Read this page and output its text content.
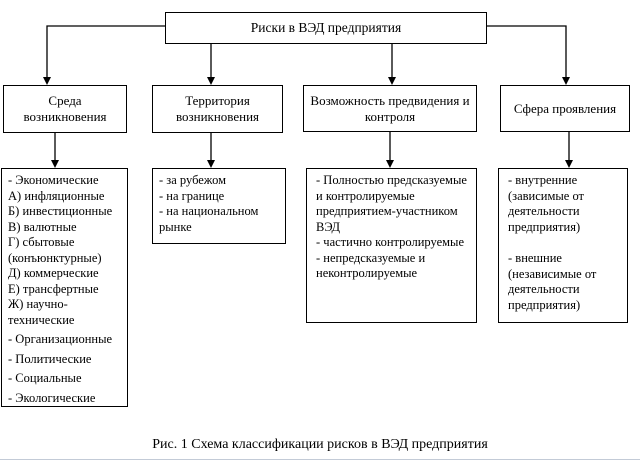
Риски в ВЭД предприятия
Среда возникновения
Территория возникновения
Возможность предвидения и контроля
Сфера проявления
- Экономические
А) инфляционные
Б) инвестиционные
В) валютные
Г) сбытовые (конъюнктурные)
Д) коммерческие
Е) трансфертные
Ж) научно-технические
- Организационные
- Политические
- Социальные
- Экологические
- за рубежом
- на границе
- на национальном рынке
- Полностью предсказуемые и контролируемые предприятием-участником ВЭД
- частично контролируемые
- непредсказуемые и неконтролируемые
- внутренние (зависимые от деятельности предприятия)
- внешние (независимые от деятельности предприятия)
Рис. 1 Схема классификации рисков в ВЭД предприятия
